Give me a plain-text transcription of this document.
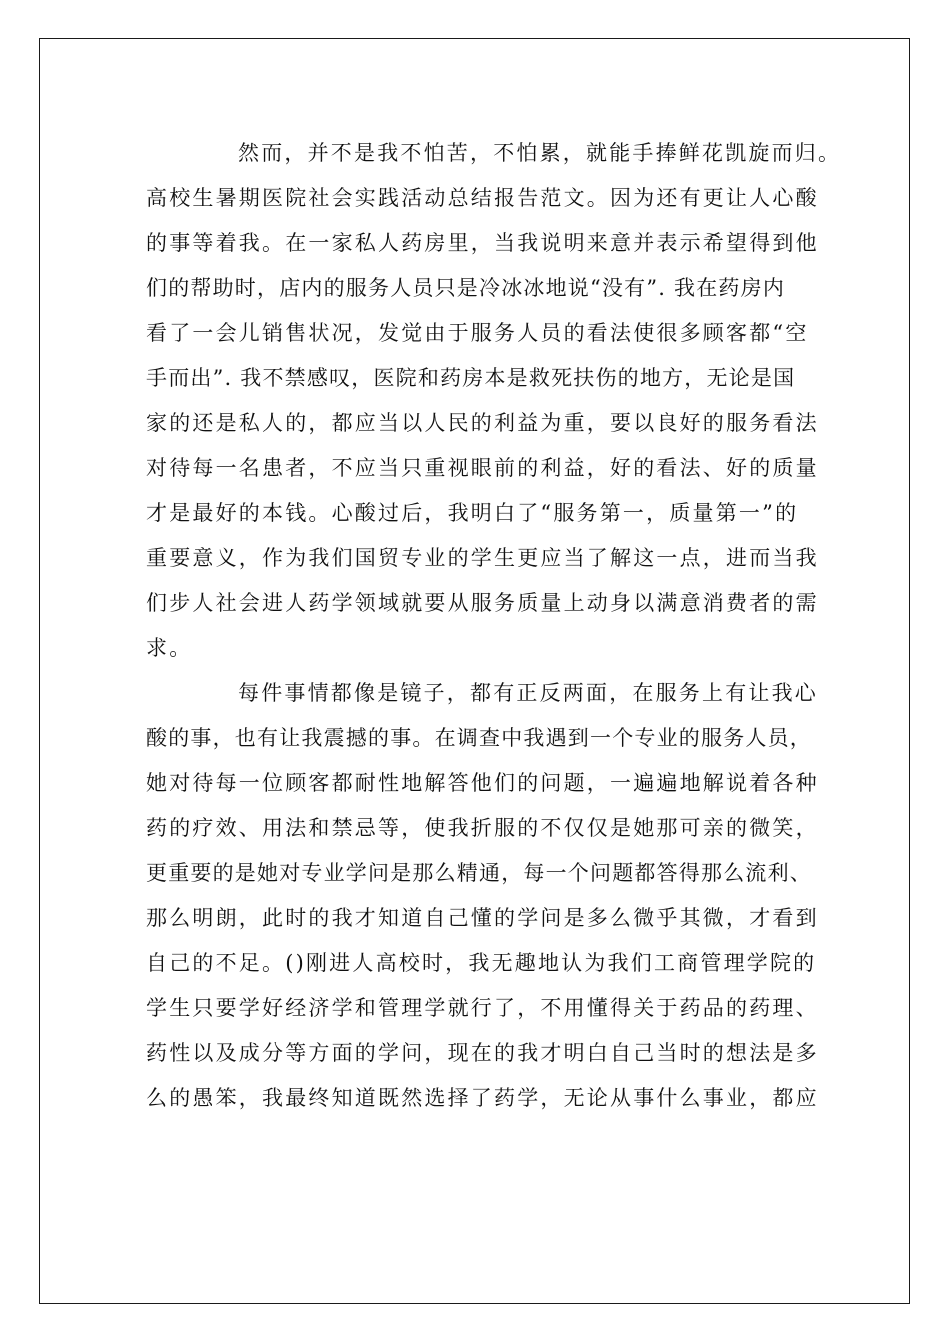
然而，并不是我不怕苦，不怕累，就能手捧鲜花凯旋而归。
高校生暑期医院社会实践活动总结报告范文。因为还有更让人心酸
的事等着我。在一家私人药房里，当我说明来意并表示希望得到他
们的帮助时，店内的服务人员只是冷冰冰地说“没有”. 我在药房内
看了一会儿销售状况，发觉由于服务人员的看法使很多顾客都“空
手而出”. 我不禁感叹，医院和药房本是救死扶伤的地方，无论是国
家的还是私人的，都应当以人民的利益为重，要以良好的服务看法
对待每一名患者，不应当只重视眼前的利益，好的看法、好的质量
才是最好的本钱。心酸过后，我明白了“服务第一，质量第一”的
重要意义，作为我们国贸专业的学生更应当了解这一点，进而当我
们步人社会进人药学领域就要从服务质量上动身以满意消费者的需
求。
每件事情都像是镜子，都有正反两面，在服务上有让我心
酸的事，也有让我震撼的事。在调查中我遇到一个专业的服务人员，
她对待每一位顾客都耐性地解答他们的问题，一遍遍地解说着各种
药的疗效、用法和禁忌等，使我折服的不仅仅是她那可亲的微笑，
更重要的是她对专业学问是那么精通，每一个问题都答得那么流利、
那么明朗，此时的我才知道自己懂的学问是多么微乎其微，才看到
自己的不足。()刚进人高校时，我无趣地认为我们工商管理学院的
学生只要学好经济学和管理学就行了，不用懂得关于药品的药理、
药性以及成分等方面的学问，现在的我才明白自己当时的想法是多
么的愚笨，我最终知道既然选择了药学，无论从事什么事业，都应
